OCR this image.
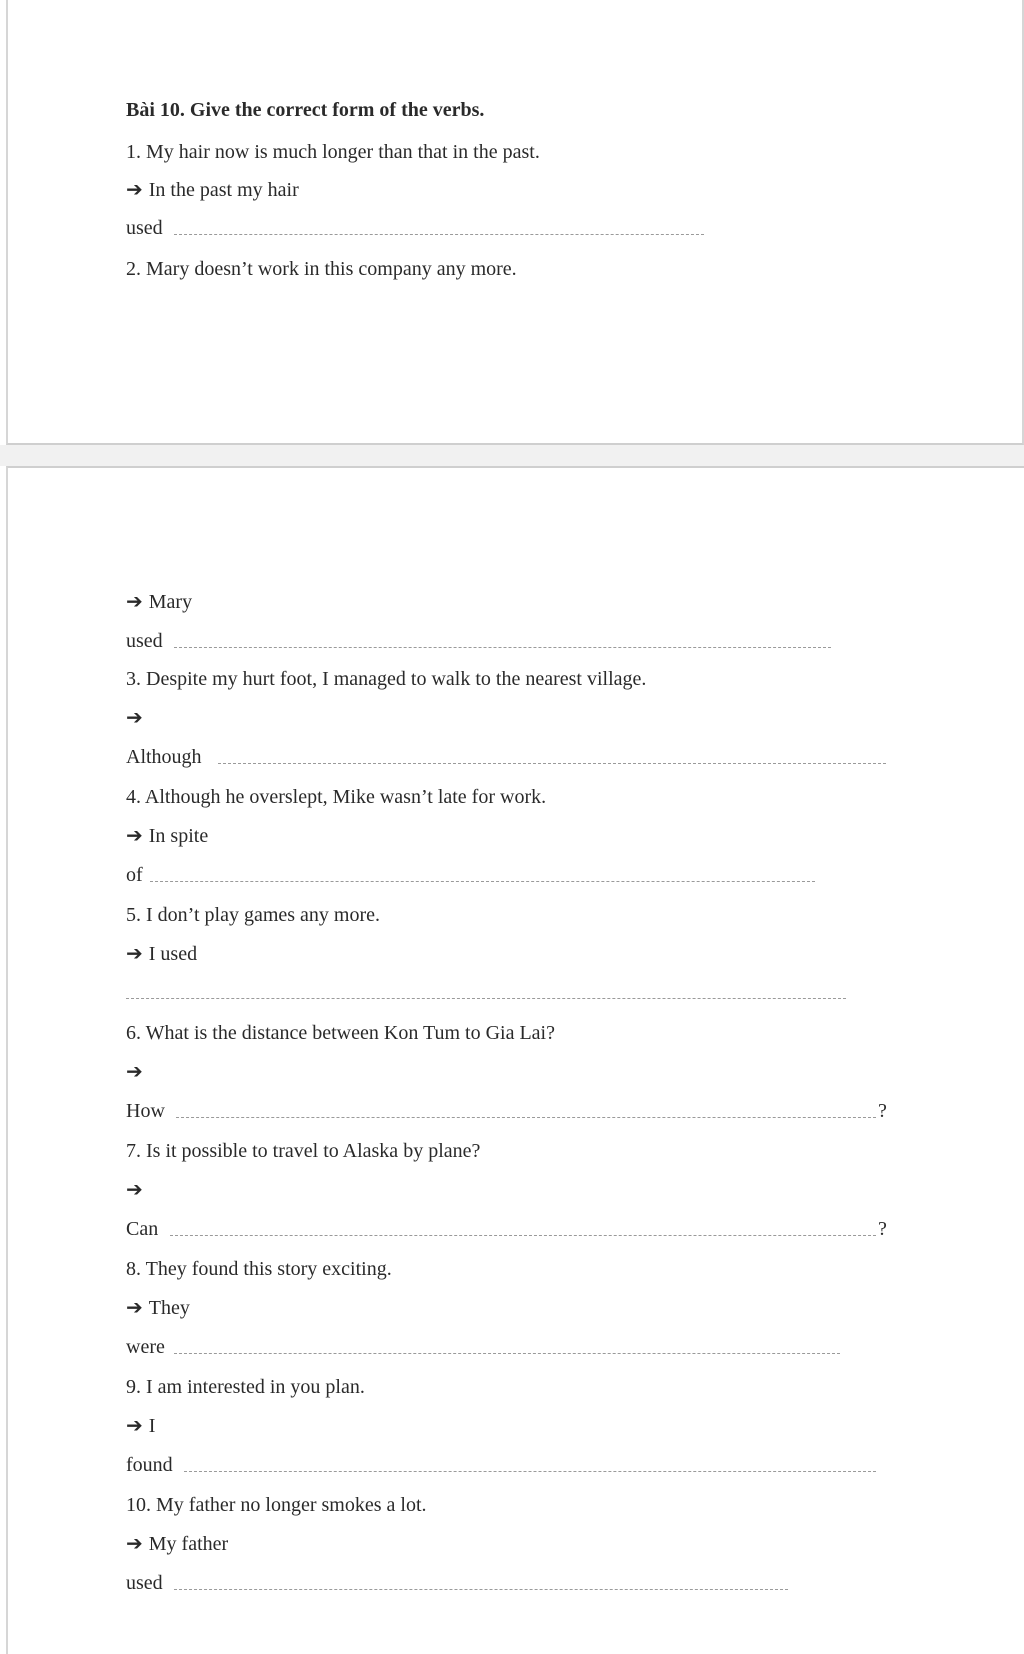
Bài 10. Give the correct form of the verbs.
1. My hair now is much longer than that in the past.
➔ In the past my hair
used
2. Mary doesn’t work in this company any more.
➔ Mary
used
3. Despite my hurt foot, I managed to walk to the nearest village.
➔
Although
4. Although he overslept, Mike wasn’t late for work.
➔ In spite
of
5. I don’t play games any more.
➔ I used
6. What is the distance between Kon Tum to Gia Lai?
➔
How	?
7. Is it possible to travel to Alaska by plane?
➔
Can	?
8. They found this story exciting.
➔ They
were
9. I am interested in you plan.
➔ I
found
10. My father no longer smokes a lot.
➔ My father
used
